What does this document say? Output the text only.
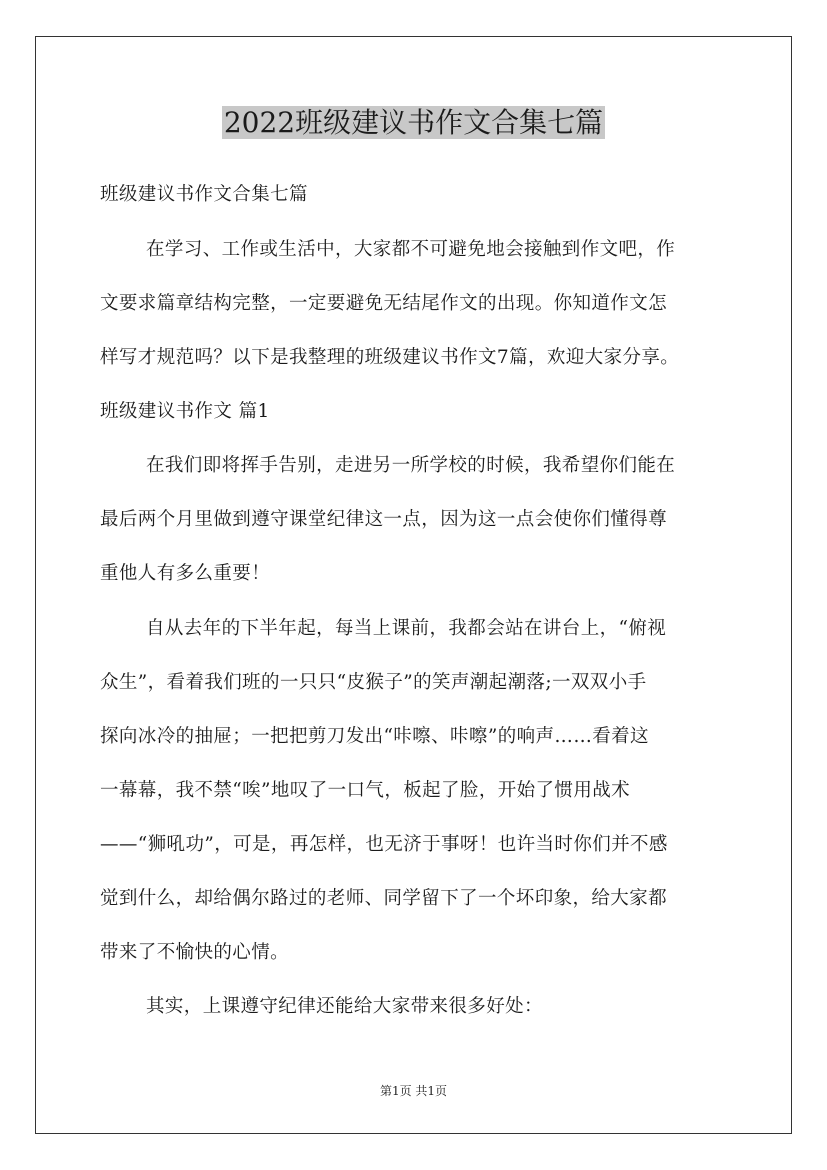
2022班级建议书作文合集七篇
班级建议书作文合集七篇
在学习、工作或生活中，大家都不可避免地会接触到作文吧，作
文要求篇章结构完整，一定要避免无结尾作文的出现。你知道作文怎
样写才规范吗？以下是我整理的班级建议书作文7篇，欢迎大家分享。
班级建议书作文 篇1
在我们即将挥手告别，走进另一所学校的时候，我希望你们能在
最后两个月里做到遵守课堂纪律这一点，因为这一点会使你们懂得尊
重他人有多么重要！
自从去年的下半年起，每当上课前，我都会站在讲台上，“俯视
众生”，看着我们班的一只只“皮猴子”的笑声潮起潮落;一双双小手
探向冰冷的抽屉；一把把剪刀发出“咔嚓、咔嚓”的响声……看着这
一幕幕，我不禁“唉”地叹了一口气，板起了脸，开始了惯用战术
——“狮吼功”，可是，再怎样，也无济于事呀！也许当时你们并不感
觉到什么，却给偶尔路过的老师、同学留下了一个坏印象，给大家都
带来了不愉快的心情。
其实，上课遵守纪律还能给大家带来很多好处：
第1页 共1页
